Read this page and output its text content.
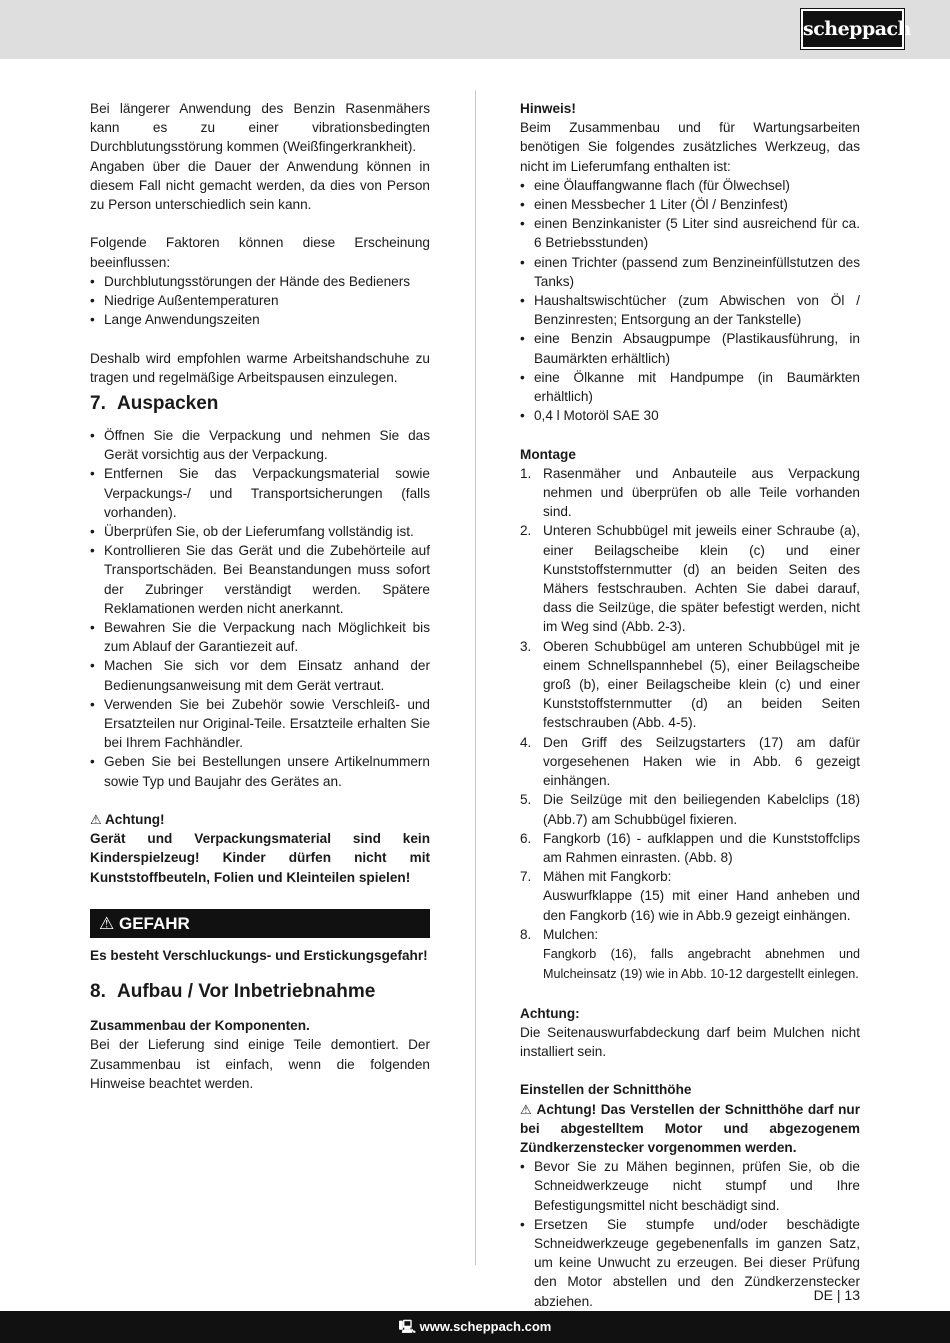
scheppach

Bei längerer Anwendung des Benzin Rasenmähers kann es zu einer vibrationsbedingten Durchblutungsstörung kommen (Weißfingerkrankheit).

Angaben über die Dauer der Anwendung können in diesem Fall nicht gemacht werden, da dies von Person zu Person unterschiedlich sein kann.

Folgende Faktoren können diese Erscheinung beeinflussen:

• Durchblutungsstörungen der Hände des Bedieners
• Niedrige Außentemperaturen
• Lange Anwendungszeiten

Deshalb wird empfohlen warme Arbeitshandschuhe zu tragen und regelmäßige Arbeitspausen einzulegen.

7. Auspacken
• Öffnen Sie die Verpackung und nehmen Sie das Gerät vorsichtig aus der Verpackung.
• Entfernen Sie das Verpackungsmaterial sowie Verpackungs-/ und Transportsicherungen (falls vorhanden).
• Überprüfen Sie, ob der Lieferumfang vollständig ist.
• Kontrollieren Sie das Gerät und die Zubehörteile auf Transportschäden. Bei Beanstandungen muss sofort der Zubringer verständigt werden. Spätere Reklamationen werden nicht anerkannt.
• Bewahren Sie die Verpackung nach Möglichkeit bis zum Ablauf der Garantiezeit auf.
• Machen Sie sich vor dem Einsatz anhand der Bedienungsanweisung mit dem Gerät vertraut.
• Verwenden Sie bei Zubehör sowie Verschleiß- und Ersatzteilen nur Original-Teile. Ersatzteile erhalten Sie bei Ihrem Fachhändler.
• Geben Sie bei Bestellungen unsere Artikelnummern sowie Typ und Baujahr des Gerätes an.

⚠ Achtung!

Gerät und Verpackungsmaterial sind kein Kinderspielzeug! Kinder dürfen nicht mit Kunststoffbeuteln, Folien und Kleinteilen spielen!

⚠ GEFAHR

Es besteht Verschluckungs- und Erstickungsgefahr!

8. Aufbau / Vor Inbetriebnahme

Zusammenbau der Komponenten.

Bei der Lieferung sind einige Teile demontiert. Der Zusammenbau ist einfach, wenn die folgenden Hinweise beachtet werden.

Hinweis!

Beim Zusammenbau und für Wartungsarbeiten benötigen Sie folgendes zusätzliches Werkzeug, das nicht im Lieferumfang enthalten ist:

• eine Ölauffangwanne flach (für Ölwechsel)
• einen Messbecher 1 Liter (Öl / Benzinfest)
• einen Benzinkanister (5 Liter sind ausreichend für ca. 6 Betriebsstunden)
• einen Trichter (passend zum Benzineinfüllstutzen des Tanks)
• Haushaltswischtücher (zum Abwischen von Öl / Benzinresten; Entsorgung an der Tankstelle)
• eine Benzin Absaugpumpe (Plastikausführung, in Baumärkten erhältlich)
• eine Ölkanne mit Handpumpe (in Baumärkten erhältlich)
• 0,4 l Motoröl SAE 30

Montage

1. Rasenmäher und Anbauteile aus Verpackung nehmen und überprüfen ob alle Teile vorhanden sind.
2. Unteren Schubbügel mit jeweils einer Schraube (a), einer Beilagscheibe klein (c) und einer Kunststoffsternmutter (d) an beiden Seiten des Mähers festschrauben. Achten Sie dabei darauf, dass die Seilzüge, die später befestigt werden, nicht im Weg sind (Abb. 2-3).
3. Oberen Schubbügel am unteren Schubbügel mit je einem Schnellspannhebel (5), einer Beilagscheibe groß (b), einer Beilagscheibe klein (c) und einer Kunststoffsternmutter (d) an beiden Seiten festschrauben (Abb. 4-5).
4. Den Griff des Seilzugstarters (17) am dafür vorgesehenen Haken wie in Abb. 6 gezeigt einhängen.
5. Die Seilzüge mit den beiliegenden Kabelclips (18) (Abb.7) am Schubbügel fixieren.
6. Fangkorb (16) - aufklappen und die Kunststoffclips am Rahmen einrasten. (Abb. 8)
7. Mähen mit Fangkorb:
Auswurfklappe (15) mit einer Hand anheben und den Fangkorb (16) wie in Abb.9 gezeigt einhängen.
8. Mulchen:
Fangkorb (16), falls angebracht abnehmen und Mulcheinsatz (19) wie in Abb. 10-12 dargestellt einlegen.

Achtung:

Die Seitenauswurfabdeckung darf beim Mulchen nicht installiert sein.

Einstellen der Schnitthöhe

⚠ Achtung! Das Verstellen der Schnitthöhe darf nur bei abgestelltem Motor und abgezogenem Zündkerzenstecker vorgenommen werden.

• Bevor Sie zu Mähen beginnen, prüfen Sie, ob die Schneidwerkzeuge nicht stumpf und Ihre Befestigungsmittel nicht beschädigt sind.
• Ersetzen Sie stumpfe und/oder beschädigte Schneidwerkzeuge gegebenenfalls im ganzen Satz, um keine Unwucht zu erzeugen. Bei dieser Prüfung den Motor abstellen und den Zündkerzenstecker abziehen.	DE | 13
🖳 www.scheppach.com
